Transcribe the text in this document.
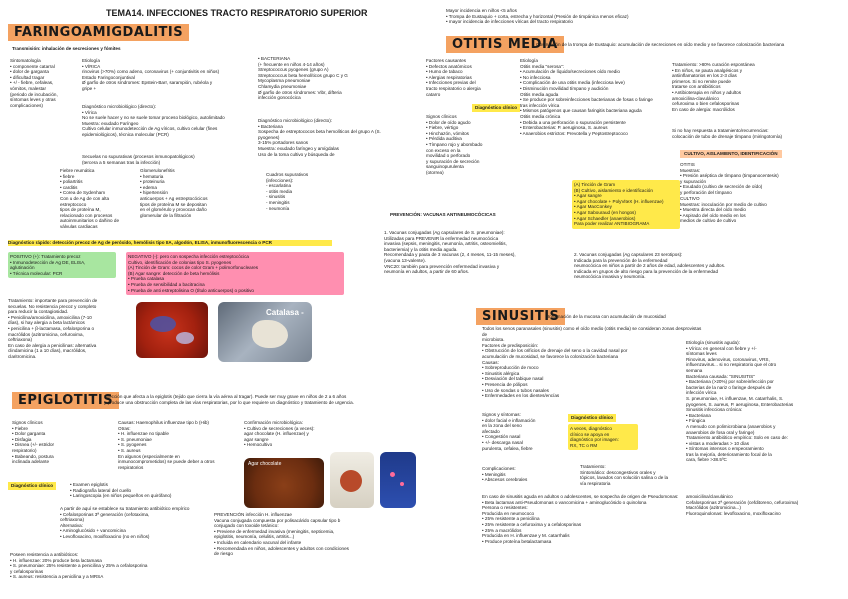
TEMA14. INFECCIONES TRACTO RESPIRATORIO SUPERIOR
FARINGOAMIGDALITIS
Transmisión: inhalación de secreciones y fómites
Sintomatología
• componente catarral
• dolor de garganta
• dificultad tragar
• +/ - fiebre, cefaleas,
vómitos, malestar
(periodo de incubación,
síntomas leves y otras
complicaciones)
Etiología
• VÍRICA
rinovirus (>70%) como adeno, coronavirus (+ conjuntivitis en niños)
Estado Faringoconjuntival
Ø garfio de otros síndromes: Epstein-Barr, sarampión, rubéola y
gripe +
Diagnóstico microbiológico (directo):
• Vírica
No se suele hacer y no se suele tomar proceso biológico, autolimitado
Muestra: exudado Faríngeo
Cultivo celular inmunodetección de Ag víricos, cultivo celular (fines
epidemiológicos), técnica molecular (PCR)
Secuelas no supurativas (procesos inmunopatológicos)
(tercera a 5 semanas tras la infección)
Fiebre reumática
• fiebre
• poliartritis
• carditis
• Corea de Sydenham
Con u de Ag de con alta estreptococo
tipos de proteína M,
relacionado con procesos
autoinmunitarios o dañino de
válvulas cardiacas
Glomerulonefritis
• hematuria
• proteinuria
• edema
• hipertensión
anticuerpos + Ag estreptocócicos
tipos de proteína M se depositan
en el glomérulo y provocan daño
glomerular de la filtración
• BACTERIANA
(+ frecuente en niños 4-14 años)
Streptococcus pyogenes (grupo A)
Streptococcus beta hemolíticos grupo C y G
Mycoplasma pneumoniae
Chlamydia pneumoniae
Ø garfio de otros síndromes: Vibr, difteria
infección gonocócica
Diagnóstico microbiológico (directo):
• Bacteriana
Sospecha de estreptococos beta hemolíticos del grupo A (S.
pyogenes)
3-15% portadores sanos
Muestra: exudado faríngeo y amígdalas
Uso de la toma cultivo y búsqueda de
Cuadros supurativos
(infecciones):
- escarlatina
- otitis media
- sinusitis
- meningitis
- neumonía
Diagnóstico rápido: detección precoz de Ag de peróxido, hemólisis tipo IIA, algodón, ELISA, inmunofluorescencia o PCR
POSITIVO (+): Tratamiento precoz
• Inmunodetección de Ag DE, ELISA,
aglutinación
• Técnica molecular: PCR
NEGATIVO (-): pero con sospecha infección estreptocócica
Cultivo, identificación de colonias tipo S. pyogenes
(A) Tinción de Gram: cocos de color Gram + polimorfonucleares
(B) Agar sangre: detección de beta hemólisis
• Prueba catalasa
• Prueba de sensibilidad a bacitracina
• Prueba de anti estreptolisina O (título anticuerpos) o positivo
Tratamiento: importante para prevención de
secuelas. No resistencia precoz y completo
para reducir la contagiosidad.
• Penicilina/amoxicilina, amoxicilina (7-10
días), si hay alergia a beta lactámicos
• penicilina + β-lactamasa, cefalosporina o
macrólidos (azitromicina, cefuroxima,
ceftriaxona)
En caso de alergia a penicilinas: alternativa
clindamicina (1 a 10 días), macrólidos,
claritromicina.
Catalasa -
Mayor incidencia en niños <5 años
• Trompa de Eustaquio + corta, estrecha y horizontal (Presión de timpánica menos eficaz)
• mayor incidencia de infecciones víricas del tracto respiratorio
OTITIS MEDIA
Obstrucción de la trompa de Eustaquio: acumulación de secreciones en oído medio y se favorece colonización bacteriana
Factores causantes
• Defectos anatómicos
• Humo de tabaco
• Alergias respiratorias
• Infecciones previas del
tracto respiratorio o alergia
catarro
Diagnóstico clínico
Signos clínicos
• Dolor de oído agudo
• Fiebre, vértigo
• Hinchazón, vómitos
• Pérdida auditiva
• Tímpano rojo y abombado
con exceso en la
movilidad o perforado
y supuración de secreción
sanguinopurulenta
(otorrea)
Etiología
Otitis media "serosa":
• Acumulación de líquido/secreciones oído medio
• No infecciosa
• Complicación de una otitis media (infecciosa leve)
• Disminución movilidad tímpano y audición
Otitis media aguda
• Se produce por sobreinfecciones bacterianas de fosas o faringe
tras infección vírica
• Mismos patógenos que causan faringitis bacteriana aguda
Otitis media crónica
• Debida a una perforación o supuración persistente
• Enterobacterias: P. aeruginosa, S. aureus
• Anaerobios estrictos: Prevotella y Peptostreptococo
Tratamiento: >80% curación espontánea
• En niños, se pauta analgésicos y
antiinflamatorios en los 2-3 días
primeros. Si no remite puede
tratarse con antibióticos
• Antibioterapia en niños y adultos
amoxicilina-clavulánico
cefuroxima o bien cefalosporinas
En caso de alergia: macrólidos
Si no hay respuesta a tratamiento/recurrencias:
colocación de tubo de drenaje tímpano (miringotomía)
CULTIVO, AISLAMIENTO, IDENTIFICACIÓN
OTITIS
Muestras:
• Presión aséptica de tímpano (timpanocentesis)
y supuración
• Exudado (cultivo de secreción de oído)
y perforación del tímpano
CULTIVO
Muestras: inoculación por medio de cultivo
• Muestra directa del oído medio
• Aspirado del oído medio en los
medios de cultivo de cultivo
(A) Tinción de Gram
(B) Cultivo, aislamiento e identificación
• Agar sangre
• Agar chocolate + PolyViteX (H. influenzae)
• Agar MacConkey
• Agar Sabouraud (en hongos)
• Agar Schaedler (anaerobios)
Para poder realizar ANTIBIOGRAMA
PREVENCIÓN: VACUNAS ANTINEUMOCÓCICAS
1. Vacunas conjugadas (Ag capsulares de S. pneumoniae):
Utilizadas para PREVENIR la enfermedad neumocócica
invasiva (sepsis, meningitis, neumonía, artritis, osteomielitis,
bacteriemia) y la otitis media aguda.
Recomendada y pauta de 3 vacunas (2, 4 meses, 11-15 meses),
(vacuna 13-valente).
VNC20: también para prevención enfermedad invasiva y
neumonía en adultos, a partir de 60 años.
2. Vacunas conjugadas (Ag capsulares 23 serotipos):
Indicada para la prevención de la enfermedad
neumocócica en niños a partir de 2 años de edad, adolescentes y adultos.
Indicada en grupos de alto riesgo para la prevención de la enfermedad
neumocócica invasiva y neumonía.
SINUSITIS
Inflamación de la mucosa con acumulación de mucosidad
Todos los senos paranasales (sinusitis) como el oído medio (otitis media) se consideran zonas desprovistas de
microbiota.
Factores de predisposición:
• Obstrucción de los orificios de drenaje del seno o la cavidad nasal por
acumulación de mucosidad, se favorece la colonización bacteriana
Causas:
• Sobreproducción de moco
• Sinusitis alérgica
• Desviación del tabique nasal
• Presencia de pólipos
• Uso de sondas o tubos nasales
• Enfermedades en los dientes/encías
Signos y síntomas:
• dolor facial e inflamación
en la zona del seno
afectado
• Congestión nasal
• +/- descarga nasal
purulenta, cefalea, fiebre
Diagnóstico clínico
A veces, diagnóstico
clínico se apoya en
diagnóstico por imagen:
RX, TC o RM
Complicaciones:
• Meningitis
• Abscesos cerebrales
Tratamiento:
Sintomático: descongestivos orales y
tópicos, lavados con solución salina o de la
vía respiratoria
En caso de sinusitis aguda en adultos o adolescentes, se sospecha de origen de Pseudomonas:
• Beta lactamas anti-Pseudomonas o vancomicina + aminoglucósido o quinolona
Persona o resistentes:
Producida en neumococo
• 25% resistente a penicilina
• 25% resistente a cefuroxima y a cefalosporinas
• 25% a macrólidos
Producida en H. influenzae y M. catarrhalis
• Produce proteína betalactamasa
Etiología (sinusitis aguda):
• Vírica: en general con fiebre y +/-
síntomas leves
Rinovirus, adenovirus, coronavirus, VRS,
influenzavirus... si no respiratorio que el otro
semana
Bacteriana causada: "SINUSITIS"
• Bacteriana (>20%) por sobreinfección por
bacterias de la nariz o faringe después de
infección vírica
S. pneumoniae, H. influenzae, M. catarrhalis, S.
pyogenes, S. aureus, P. aeruginosa, Enterobacterias
Sinusitis infecciosa crónica:
• Bacteriana
• Fúngica
A menudo con polimicrobiana (anaerobios y
anaerobios de fosa oral y faringe)
Tratamiento antibiótico empírico: Solo en caso de:
• vistas a moderadas > 10 días
• Síntomas intensos o empeoramiento
tras la mejoría, deterioramiento focal de la
cara, fiebre >38.5ºC
amoxicilina/clavulánico
Cefalosporinas 2ª generación (cefditoreno, cefuroxima)
Macrólidos (azitromicina...)
Fluoroquinolonas: levofloxacino, moxifloxacino
EPIGLOTITIS
Infección que afecta a la epiglotis (tejido que cierra la vía aérea al tragar). Puede ser muy grave en niños de 2 a 6 años
y produce una obstrucción completa de las vías respiratorias, por lo que requiere un diagnóstico y tratamiento de urgencia.
Signos clínicos
• Fiebre
• Dolor garganta
• Disfagia
• Disnea (+/- estridor
respiratorio)
• Babeando, postura
inclinada adelante
Diagnóstico clínico	• Examen epiglotis
• Radiografía lateral del cuello
• Laringoscopia (en niños pequeños en quirófano)
A partir de aquí se establece su tratamiento antibiótico empírico
• Cefalosporinas 3ª generación (cefotaxima,
ceftriaxona)
Alternativa:
• Aminoglucósido + vancomicina
• Levofloxacino, moxifloxacino (no en niños)
Poseen resistencia a antibióticos:
• H. influenzae: 20% produce beta lactamasa
• S. pneumoniae: 25% resistente a penicilina y 25% a cefalosporina
y cefalosporinas
• S. aureus: resistencia a penicilina y a MRSA
Causas: Haemophilus influenzae tipo b (Hib)
Otras:
• H. influenzae no tipable
• S. pneumoniae
• S. pyogenes
• S. aureus
En algunos (especialmente en
inmunocomprometidos) se puede deber a otros
respiratorios
Confirmación microbiológica:
• Cultivo de secreciones (a veces):
agar chocolate (H. influenzae) y
agar sangre
• Hemocultivo
PREVENCIÓN infección H. influenzae
Vacuna conjugada compuesta por polisacárido capsular tipo b
conjugado con toxoide tetánico:
• Previene de enfermedad invasiva (meningitis, septicemia,
epiglotitis, neumonía, celulitis, artritis...)
• Incluida en calendario vacunal del infante
• Recomendada en niños, adolescentes y adultos con condiciones
de riesgo
Agar chocolate
